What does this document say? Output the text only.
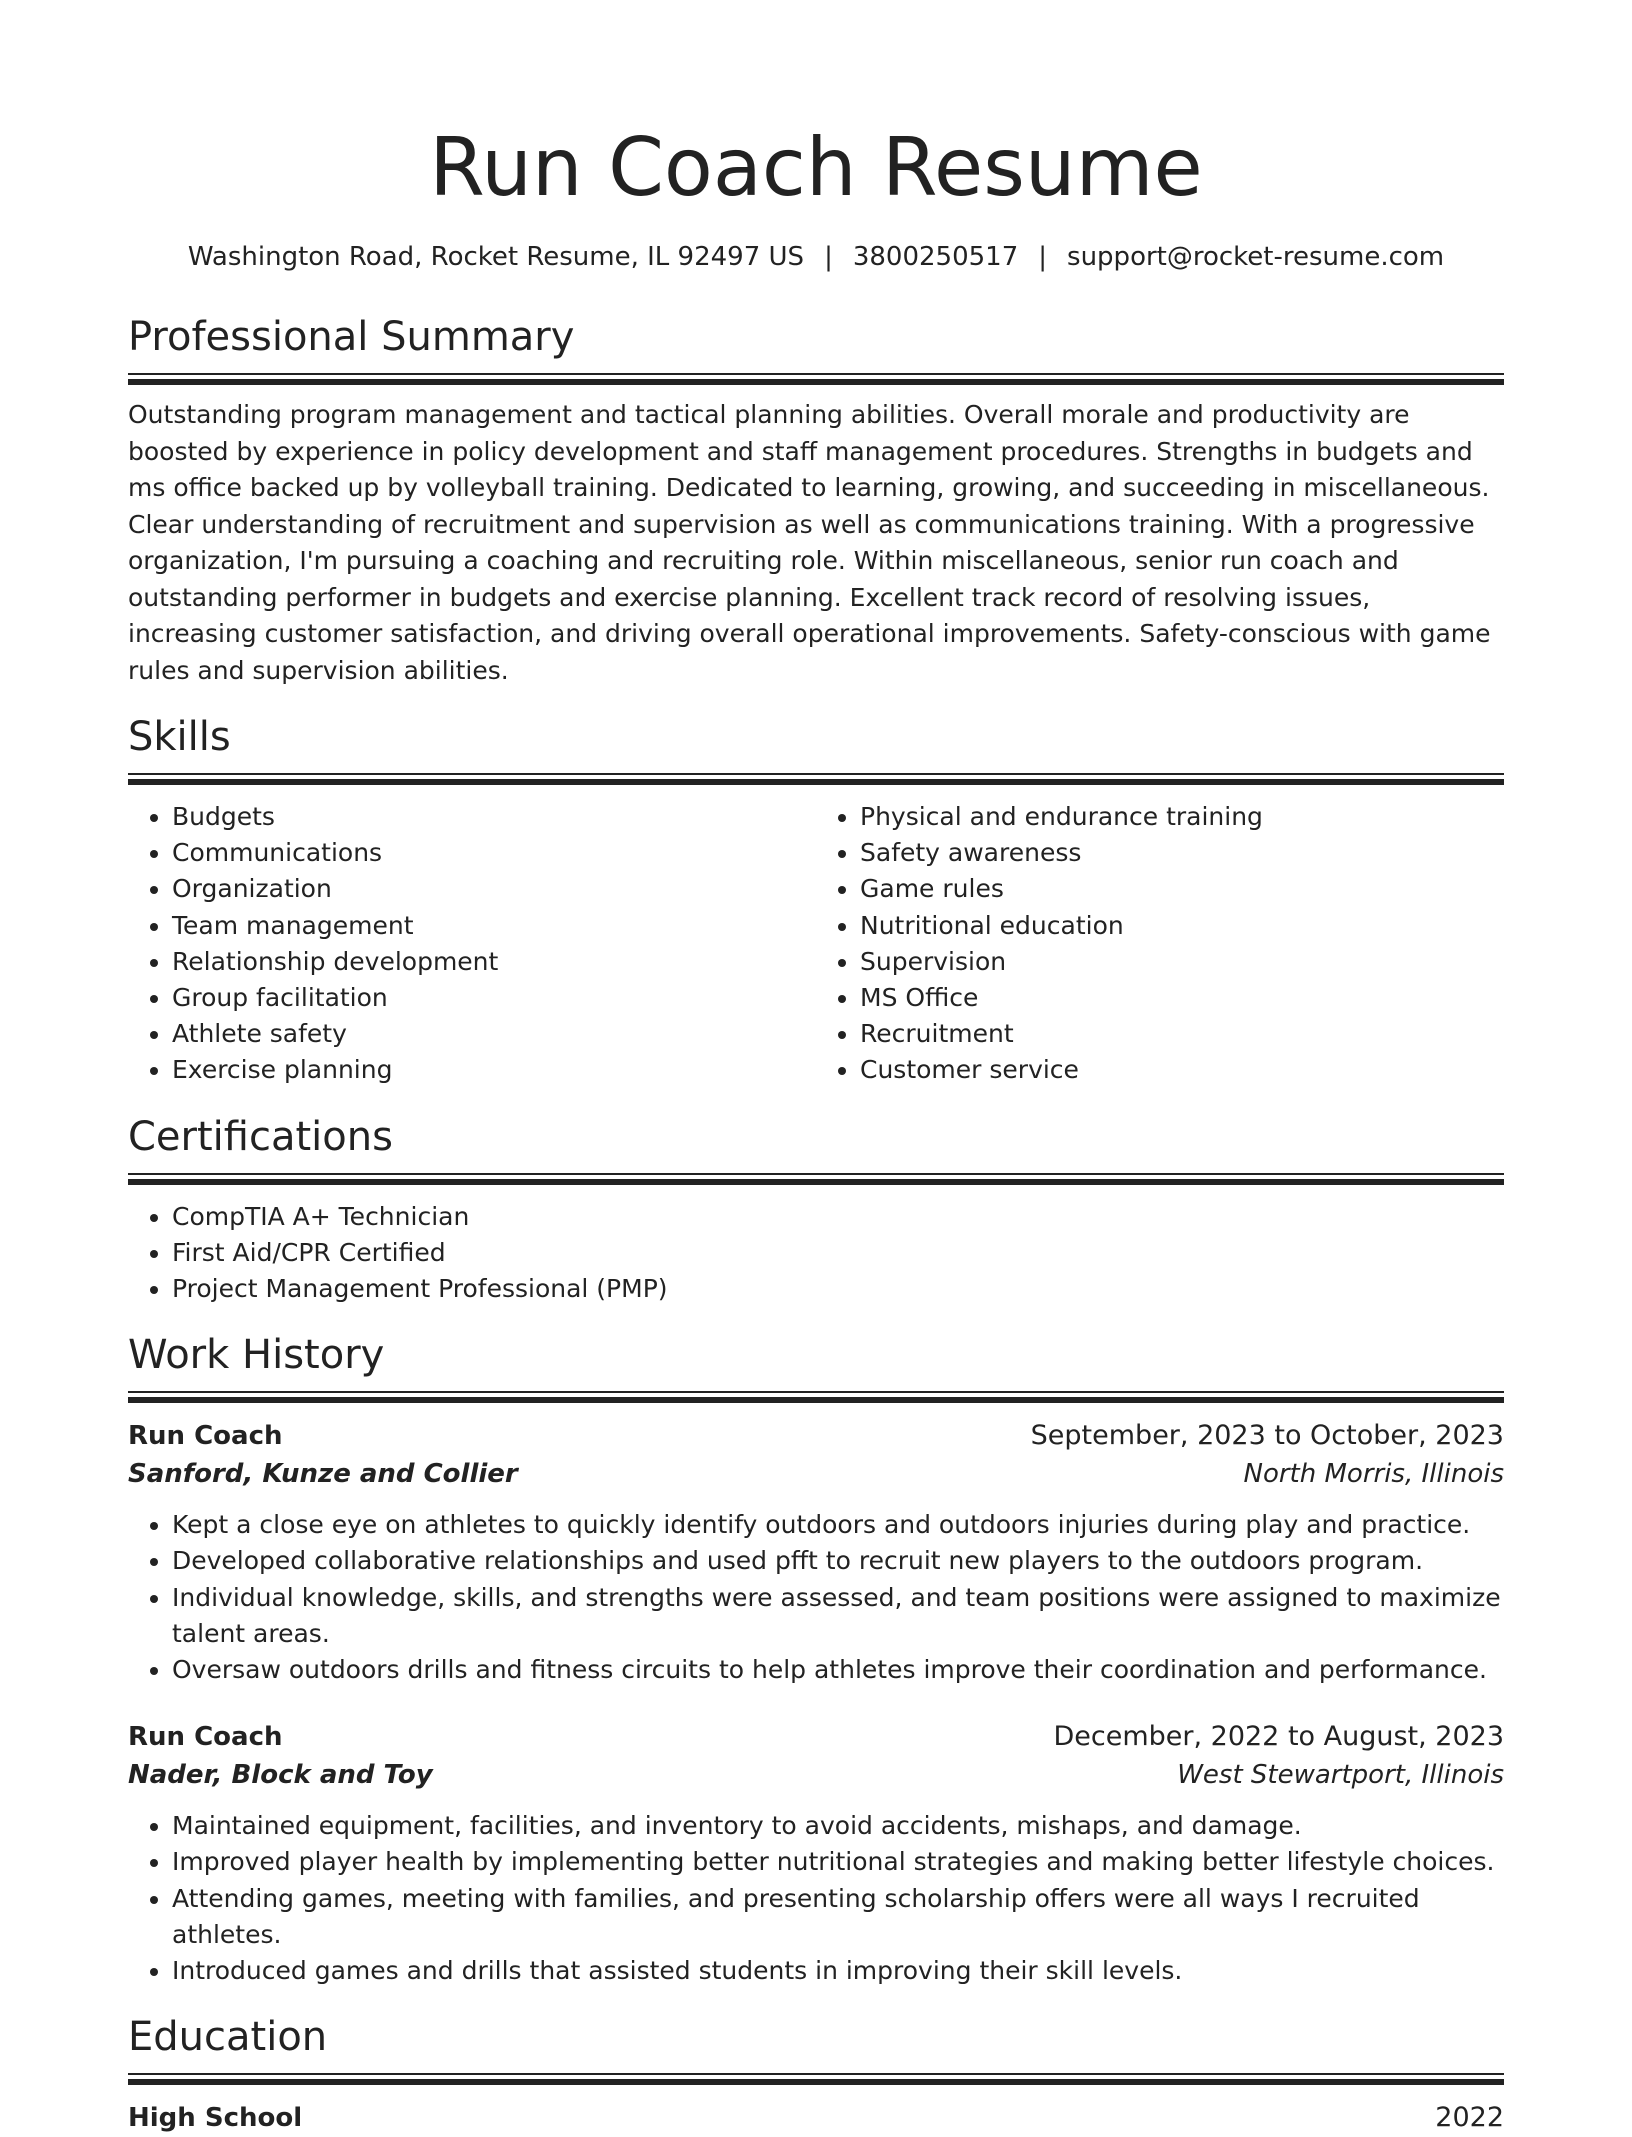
Run Coach Resume
Washington Road, Rocket Resume, IL 92497 US | 3800250517 | support@rocket-resume.com
Professional Summary

Outstanding program management and tactical planning abilities. Overall morale and productivity are boosted by experience in policy development and staff management procedures. Strengths in budgets and ms office backed up by volleyball training. Dedicated to learning, growing, and succeeding in miscellaneous. Clear understanding of recruitment and supervision as well as communications training. With a progressive organization, I'm pursuing a coaching and recruiting role. Within miscellaneous, senior run coach and outstanding performer in budgets and exercise planning. Excellent track record of resolving issues, increasing customer satisfaction, and driving overall operational improvements. Safety-conscious with game rules and supervision abilities.

Skills
• Budgets
• Communications
• Organization
• Team management
• Relationship development
• Group facilitation
• Athlete safety
• Exercise planning
• Physical and endurance training
• Safety awareness
• Game rules
• Nutritional education
• Supervision
• MS Office
• Recruitment
• Customer service
Certifications
• CompTIA A+ Technician
• First Aid/CPR Certified
• Project Management Professional (PMP)
Work History
Run Coach	September, 2023 to October, 2023
Sanford, Kunze and Collier	North Morris, Illinois
• Kept a close eye on athletes to quickly identify outdoors and outdoors injuries during play and practice.
• Developed collaborative relationships and used pfft to recruit new players to the outdoors program.
• Individual knowledge, skills, and strengths were assessed, and team positions were assigned to maximize talent areas.
• Oversaw outdoors drills and fitness circuits to help athletes improve their coordination and performance.
Run Coach	December, 2022 to August, 2023
Nader, Block and Toy	West Stewartport, Illinois
• Maintained equipment, facilities, and inventory to avoid accidents, mishaps, and damage.
• Improved player health by implementing better nutritional strategies and making better lifestyle choices.
• Attending games, meeting with families, and presenting scholarship offers were all ways I recruited athletes.
• Introduced games and drills that assisted students in improving their skill levels.
Education
High School	2022
